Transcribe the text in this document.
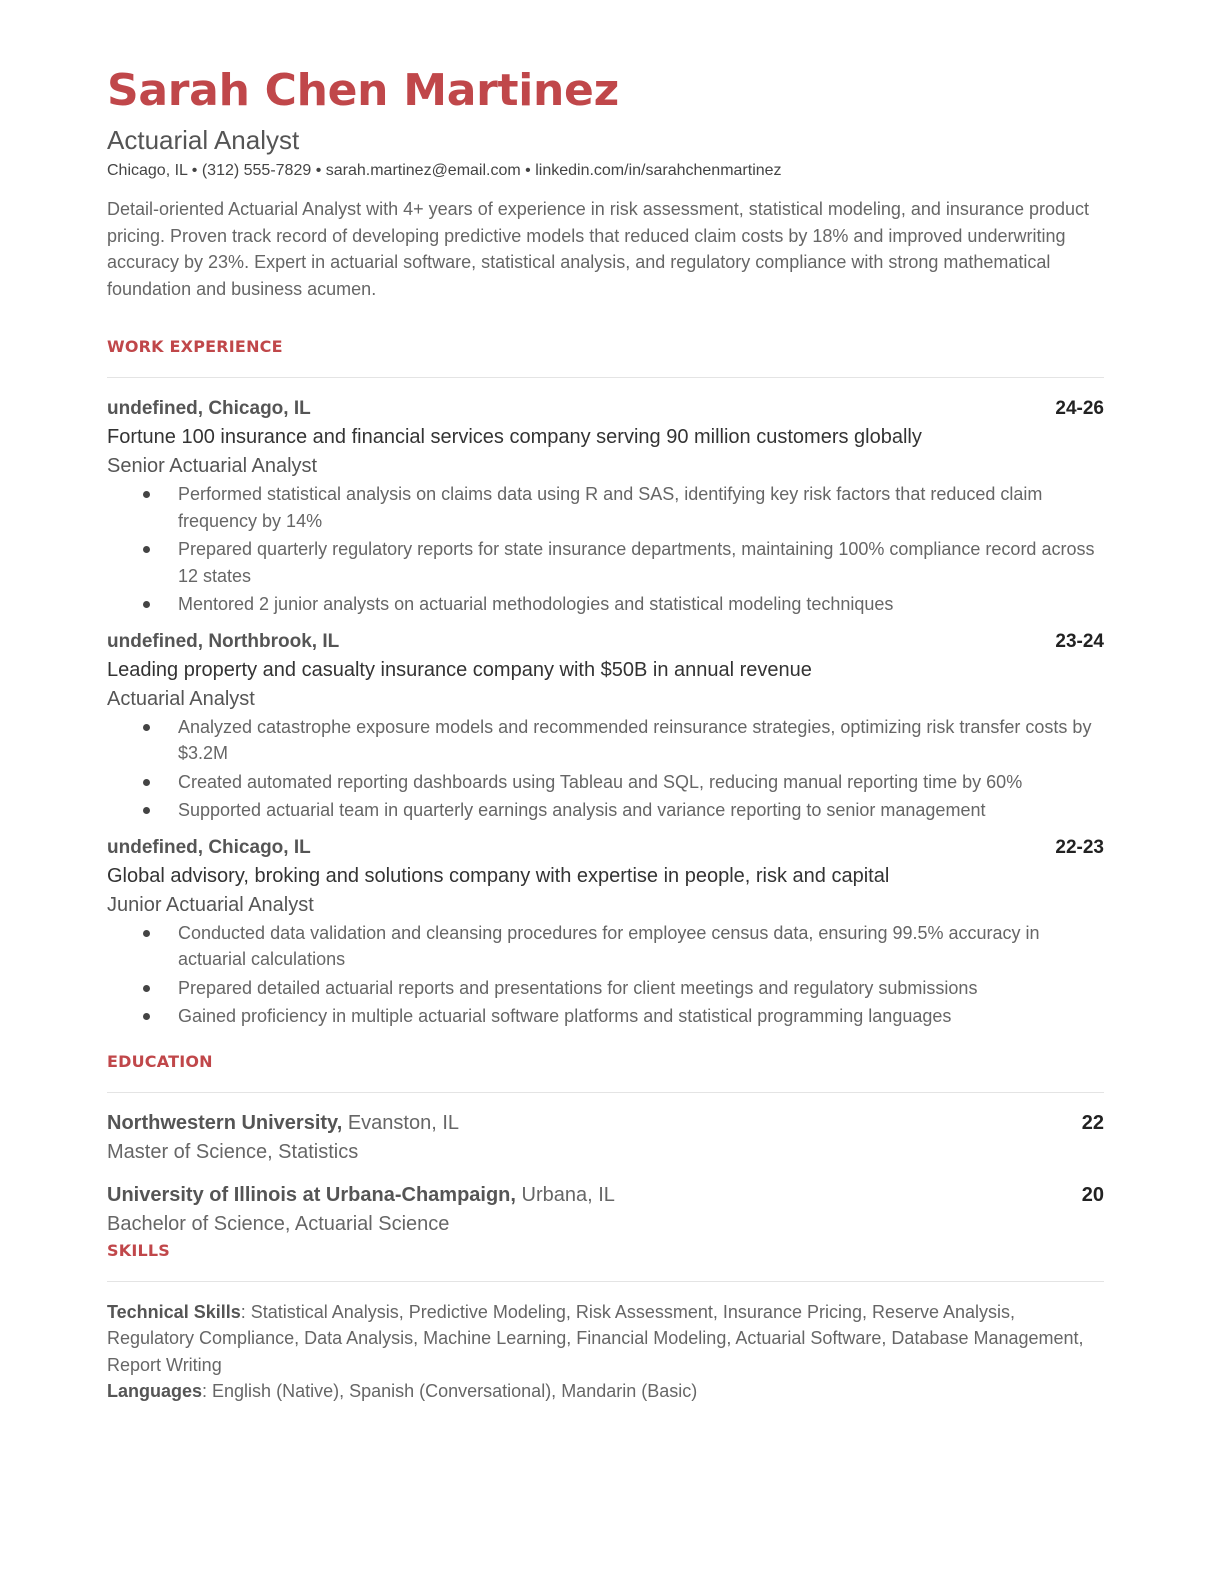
Sarah Chen Martinez
Actuarial Analyst
Chicago, IL • (312) 555-7829 • sarah.martinez@email.com • linkedin.com/in/sarahchenmartinez
Detail-oriented Actuarial Analyst with 4+ years of experience in risk assessment, statistical modeling, and insurance product pricing. Proven track record of developing predictive models that reduced claim costs by 18% and improved underwriting accuracy by 23%. Expert in actuarial software, statistical analysis, and regulatory compliance with strong mathematical foundation and business acumen.
WORK EXPERIENCE
undefined, Chicago, IL	24-26
Fortune 100 insurance and financial services company serving 90 million customers globally
Senior Actuarial Analyst
Performed statistical analysis on claims data using R and SAS, identifying key risk factors that reduced claim frequency by 14%
Prepared quarterly regulatory reports for state insurance departments, maintaining 100% compliance record across 12 states
Mentored 2 junior analysts on actuarial methodologies and statistical modeling techniques
undefined, Northbrook, IL	23-24
Leading property and casualty insurance company with $50B in annual revenue
Actuarial Analyst
Analyzed catastrophe exposure models and recommended reinsurance strategies, optimizing risk transfer costs by $3.2M
Created automated reporting dashboards using Tableau and SQL, reducing manual reporting time by 60%
Supported actuarial team in quarterly earnings analysis and variance reporting to senior management
undefined, Chicago, IL	22-23
Global advisory, broking and solutions company with expertise in people, risk and capital
Junior Actuarial Analyst
Conducted data validation and cleansing procedures for employee census data, ensuring 99.5% accuracy in actuarial calculations
Prepared detailed actuarial reports and presentations for client meetings and regulatory submissions
Gained proficiency in multiple actuarial software platforms and statistical programming languages
EDUCATION
Northwestern University, Evanston, IL	22
Master of Science, Statistics
University of Illinois at Urbana-Champaign, Urbana, IL	20
Bachelor of Science, Actuarial Science
SKILLS
Technical Skills: Statistical Analysis, Predictive Modeling, Risk Assessment, Insurance Pricing, Reserve Analysis, Regulatory Compliance, Data Analysis, Machine Learning, Financial Modeling, Actuarial Software, Database Management, Report Writing
Languages: English (Native), Spanish (Conversational), Mandarin (Basic)
